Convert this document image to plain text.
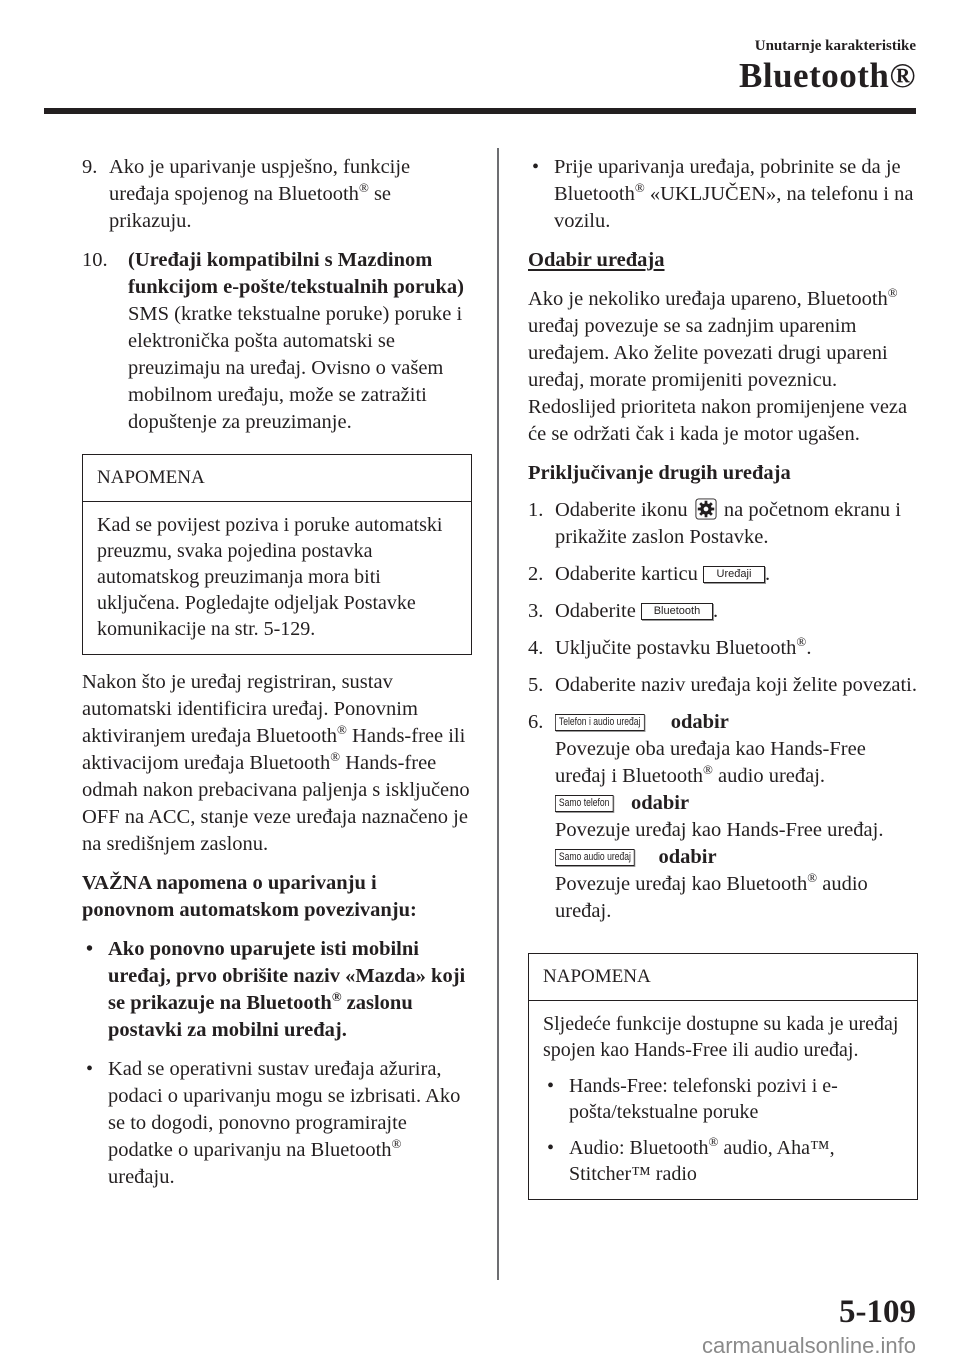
Unutarnje karakteristike
Bluetooth®
9. Ako je uparivanje uspješno, funkcije uređaja spojenog na Bluetooth® se prikazuju.
10. (Uređaji kompatibilni s Mazdinom funkcijom e-pošte/tekstualnih poruka)

SMS (kratke tekstualne poruke) poruke i elektronička pošta automatski se preuzimaju na uređaj. Ovisno o vašem mobilnom uređaju, može se zatražiti dopuštenje za preuzimanje.

NAPOMENA
Kad se povijest poziva i poruke automatski preuzmu, svaka pojedina postavka automatskog preuzimanja mora biti uključena. Pogledajte odjeljak Postavke komunikacije na str. 5-129.

Nakon što je uređaj registriran, sustav automatski identificira uređaj. Ponovnim aktiviranjem uređaja Bluetooth® Hands-free ili aktivacijom uređaja Bluetooth® Hands-free odmah nakon prebacivana paljenja s isključeno OFF na ACC, stanje veze uređaja naznačeno je na središnjem zaslonu.

VAŽNA napomena o uparivanju i ponovnom automatskom povezivanju:

• Ako ponovno uparujete isti mobilni uređaj, prvo obrišite naziv «Mazda» koji se prikazuje na Bluetooth® zaslonu postavki za mobilni uređaj.
• Kad se operativni sustav uređaja ažurira, podaci o uparivanju mogu se izbrisati. Ako se to dogodi, ponovno programirajte podatke o uparivanju na Bluetooth® uređaju.
• Prije uparivanja uređaja, pobrinite se da je Bluetooth® «UKLJUČEN», na telefonu i na vozilu.

Odabir uređaja

Ako je nekoliko uređaja upareno, Bluetooth® uređaj povezuje se sa zadnjim uparenim uređajem. Ako želite povezati drugi upareni uređaj, morate promijeniti poveznicu. Redoslijed prioriteta nakon promijenjene veza će se održati čak i kada je motor ugašen.

Priključivanje drugih uređaja

1. Odaberite ikonu  na početnom ekranu i prikažite zaslon Postavke.
2. Odaberite karticu Uređaji .
3. Odaberite Bluetooth .
4. Uključite postavku Bluetooth®.
5. Odaberite naziv uređaja koji želite povezati.
6.	Telefon i audio uređaj odabir
Povezuje oba uređaja kao Hands-Free uređaj i Bluetooth® audio uređaj.
Samo telefon odabir
Povezuje uređaj kao Hands-Free uređaj.
Samo audio uređaj odabir
Povezuje uređaj kao Bluetooth® audio uređaj.
NAPOMENA

Sljedeće funkcije dostupne su kada je uređaj spojen kao Hands-Free ili audio uređaj.

• Hands-Free: telefonski pozivi i e-pošta/tekstualne poruke
• Audio: Bluetooth® audio, Aha™, Stitcher™ radio
5-109
carmanualsonline.info
